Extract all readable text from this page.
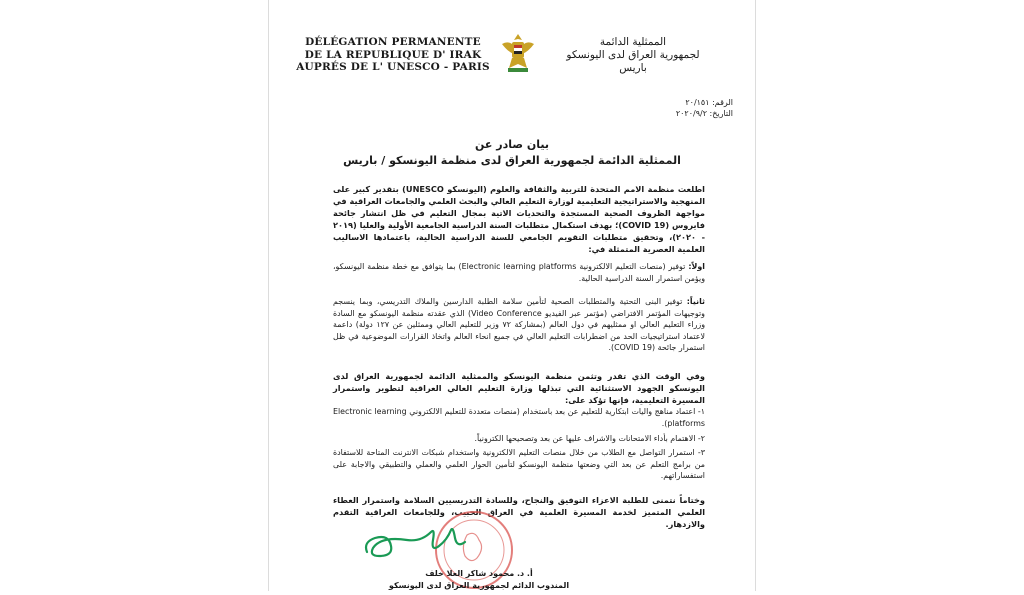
DÉLÉGATION PERMANENTE
DE LA REPUBLIQUE D' IRAK
AUPRÉS DE L' UNESCO - PARIS
الممثلية الدائمة
لجمهورية العراق لدى اليونسكو
باريس
الرقم: ٢٠/١٥١
التاريخ: ٢٠٢٠/٩/٢
بيان صادر عن
الممثلية الدائمة لجمهورية العراق لدى منظمة اليونسكو / باريس
اطلعت منظمة الامم المتحدة للتربية والثقافة والعلوم (اليونسكو UNESCO) بتقدير كبير على المنهجية والاستراتيجية التعليمية لوزارة التعليم العالي والبحث العلمي والجامعات العراقية في مواجهة الظروف الصحية المستجدة والتحديات الاتية بمجال التعليم في ظل انتشار جائحة فايروس (COVID 19)؛ بهدف استكمال متطلبات السنة الدراسية الجامعية الأولية والعليا (٢٠١٩ - ٢٠٢٠)، وتحقيق متطلبات التقويم الجامعي للسنة الدراسية الحالية، باعتمادها الاساليب العلمية العصرية المتمثلة في:
اولاً: توفير (منصات التعليم الالكترونية Electronic learning platforms) بما يتوافق مع خطة منظمة اليونسكو، ويؤمن استمرار السنة الدراسية الحالية.
ثانياً: توفير البنى التحتية والمتطلبات الصحية لتأمين سلامة الطلبة الدارسين والملاك التدريسي، وبما ينسجم وتوجيهات المؤتمر الافتراضي (مؤتمر عبر الفيديو Video Conference) الذي عقدته منظمة اليونسكو مع السادة وزراء التعليم العالي او ممثليهم في دول العالم (بمشاركة ٧٢ وزير للتعليم العالي وممثلين عن ١٢٧ دولة) داعمة لاعتماد استراتيجيات الحد من اضطرابات التعليم العالي في جميع انحاء العالم واتخاذ القرارات الموضوعية في ظل استمرار جائحة (COVID 19).
وفي الوقت الذي تقدر وتثمن منظمة اليونسكو والممثلية الدائمة لجمهورية العراق لدى اليونسكو الجهود الاستثنائية التي تبذلها وزارة التعليم العالي العراقية لتطوير واستمرار المسيرة التعليمية، فإنها تؤكد على:
١- اعتماد مناهج واليات ابتكارية للتعليم عن بعد باستخدام (منصات متعددة للتعليم الالكتروني Electronic learning platforms).
٢- الاهتمام بأداء الامتحانات والاشراف عليها عن بعد وتصحيحها الكترونياً.
٣- استمرار التواصل مع الطلاب من خلال منصات التعليم الالكترونية واستخدام شبكات الانترنت المتاحة للاستفادة من برامج التعلم عن بعد التي وضعتها منظمة اليونسكو لتأمين الحوار العلمي والعملي والتطبيقي والاجابة على استفساراتهم.
وختاماً نتمنى للطلبة الاعزاء التوفيق والنجاح، وللسادة التدريسيين السلامة واستمرار العطاء العلمي المتميز لخدمة المسيرة العلمية في العراق الحبيب، وللجامعات العراقية التقدم والازدهار.
أ. د. محمود شاكر العلا خلف
المندوب الدائم لجمهورية العراق لدى اليونسكو
